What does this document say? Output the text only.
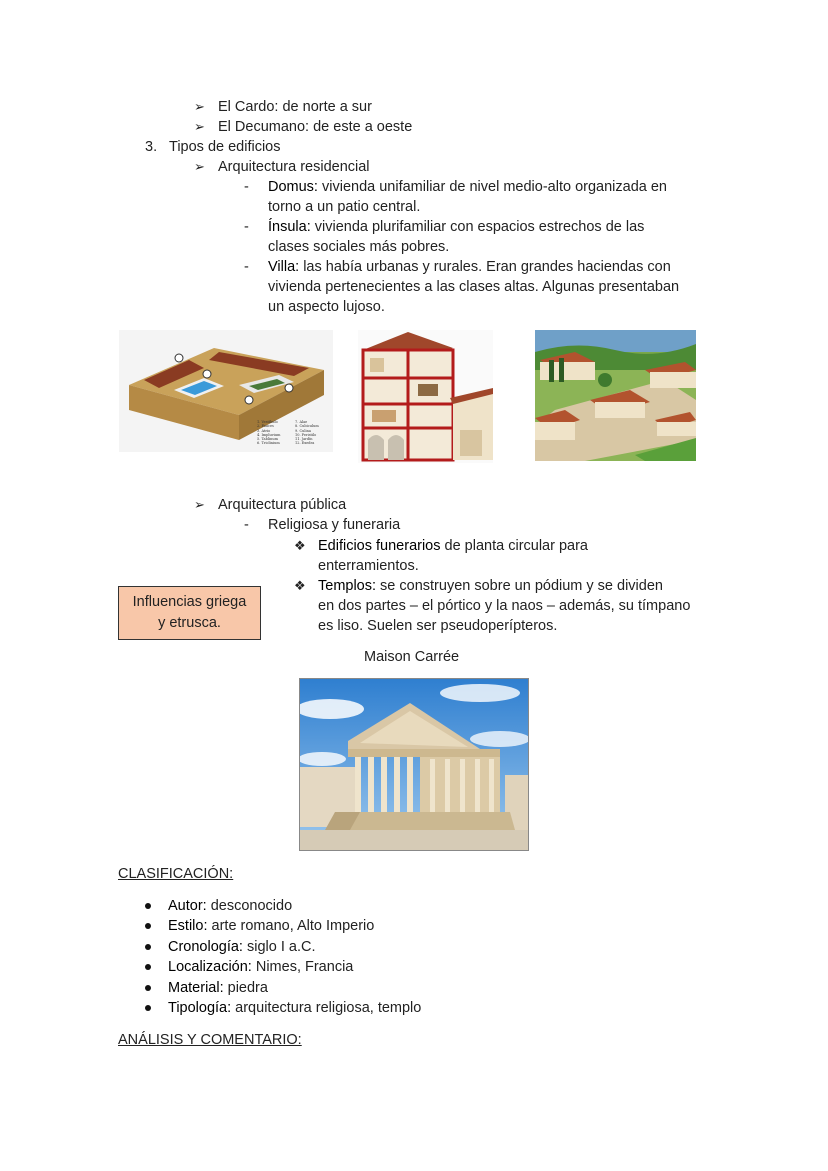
➢ El Cardo: de norte a sur
➢ El Decumano: de este a oeste
3. Tipos de edificios
➢ Arquitectura residencial
- Domus: vivienda unifamiliar de nivel medio-alto organizada en
torno a un patio central.
- Ínsula: vivienda plurifamiliar con espacios estrechos de las
clases sociales más pobres.
- Villa: las había urbanas y rurales. Eran grandes haciendas con
vivienda pertenecientes a las clases altas. Algunas presentaban
un aspecto lujoso.
1. Vestíbulo
2. Fauces
3. Atrio
4. Impluvium
5. Tablinum
6. Triclinium
7. Alae
8. Cubiculum
9. Culina
10. Peristilo
11. Jardín
12. Exedra
➢ Arquitectura pública
- Religiosa y funeraria
❖ Edificios funerarios de planta circular para
enterramientos.
❖ Templos: se construyen sobre un pódium y se dividen
en dos partes – el pórtico y la naos – además, su tímpano
es liso. Suelen ser pseudoperípteros.
Influencias griega
y etrusca.
Maison Carrée
CLASIFICACIÓN:
Autor: desconocido
Estilo: arte romano, Alto Imperio
Cronología: siglo I a.C.
Localización: Nimes, Francia
Material: piedra
Tipología: arquitectura religiosa, templo
ANÁLISIS Y COMENTARIO:
